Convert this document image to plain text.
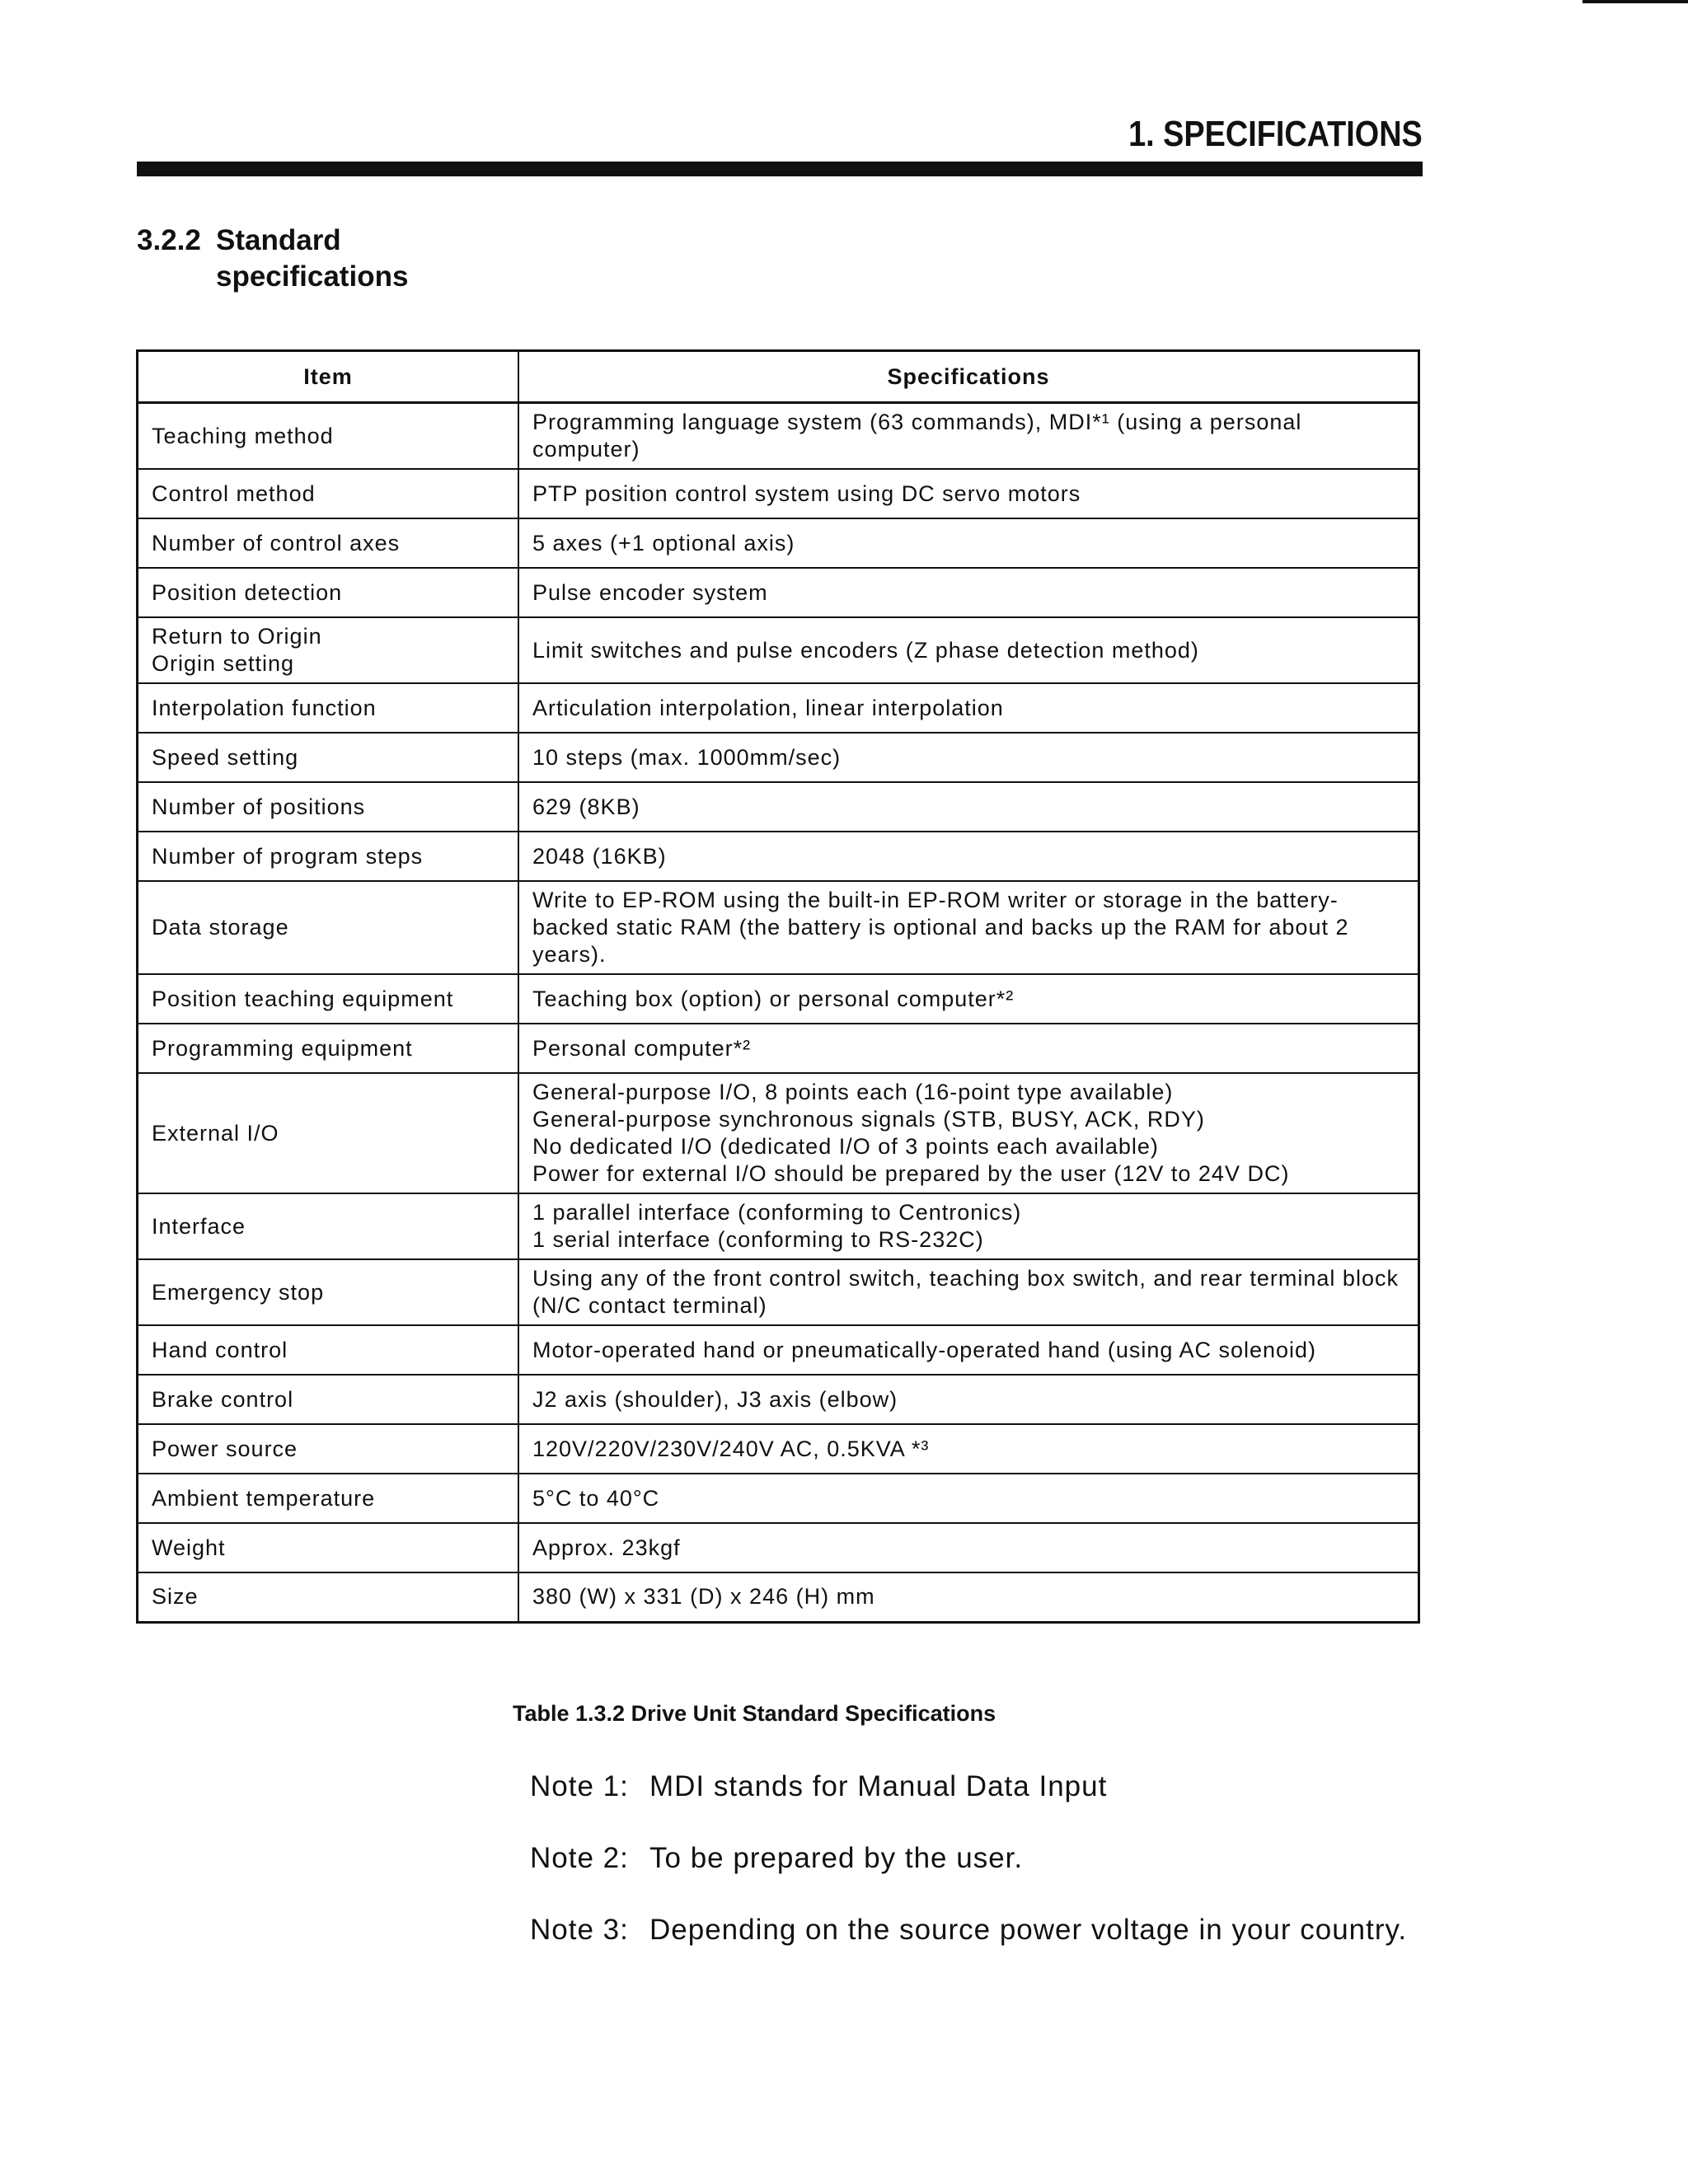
1. SPECIFICATIONS
3.2.2 Standard
specifications
Item	Specifications
Teaching method	Programming language system (63 commands), MDI*¹ (using a personal computer)
Control method	PTP position control system using DC servo motors
Number of control axes	5 axes (+1 optional axis)
Position detection	Pulse encoder system
Return to Origin
Origin setting	Limit switches and pulse encoders (Z phase detection method)
Interpolation function	Articulation interpolation, linear interpolation
Speed setting	10 steps (max. 1000mm/sec)
Number of positions	629 (8KB)
Number of program steps	2048 (16KB)
Data storage	Write to EP-ROM using the built-in EP-ROM writer or storage in the battery-backed static RAM (the battery is optional and backs up the RAM for about 2 years).
Position teaching equipment	Teaching box (option) or personal computer*²
Programming equipment	Personal computer*²
External I/O	General-purpose I/O, 8 points each (16-point type available)
General-purpose synchronous signals (STB, BUSY, ACK, RDY)
No dedicated I/O (dedicated I/O of 3 points each available)
Power for external I/O should be prepared by the user (12V to 24V DC)
Interface	1 parallel interface (conforming to Centronics)
1 serial interface (conforming to RS-232C)
Emergency stop	Using any of the front control switch, teaching box switch, and rear terminal block (N/C contact terminal)
Hand control	Motor-operated hand or pneumatically-operated hand (using AC solenoid)
Brake control	J2 axis (shoulder), J3 axis (elbow)
Power source	120V/220V/230V/240V AC, 0.5KVA *³
Ambient temperature	5°C to 40°C
Weight	Approx. 23kgf
Size	380 (W) x 331 (D) x 246 (H) mm
Table 1.3.2 Drive Unit Standard Specifications
Note 1: MDI stands for Manual Data Input
Note 2: To be prepared by the user.
Note 3: Depending on the source power voltage in your country.
